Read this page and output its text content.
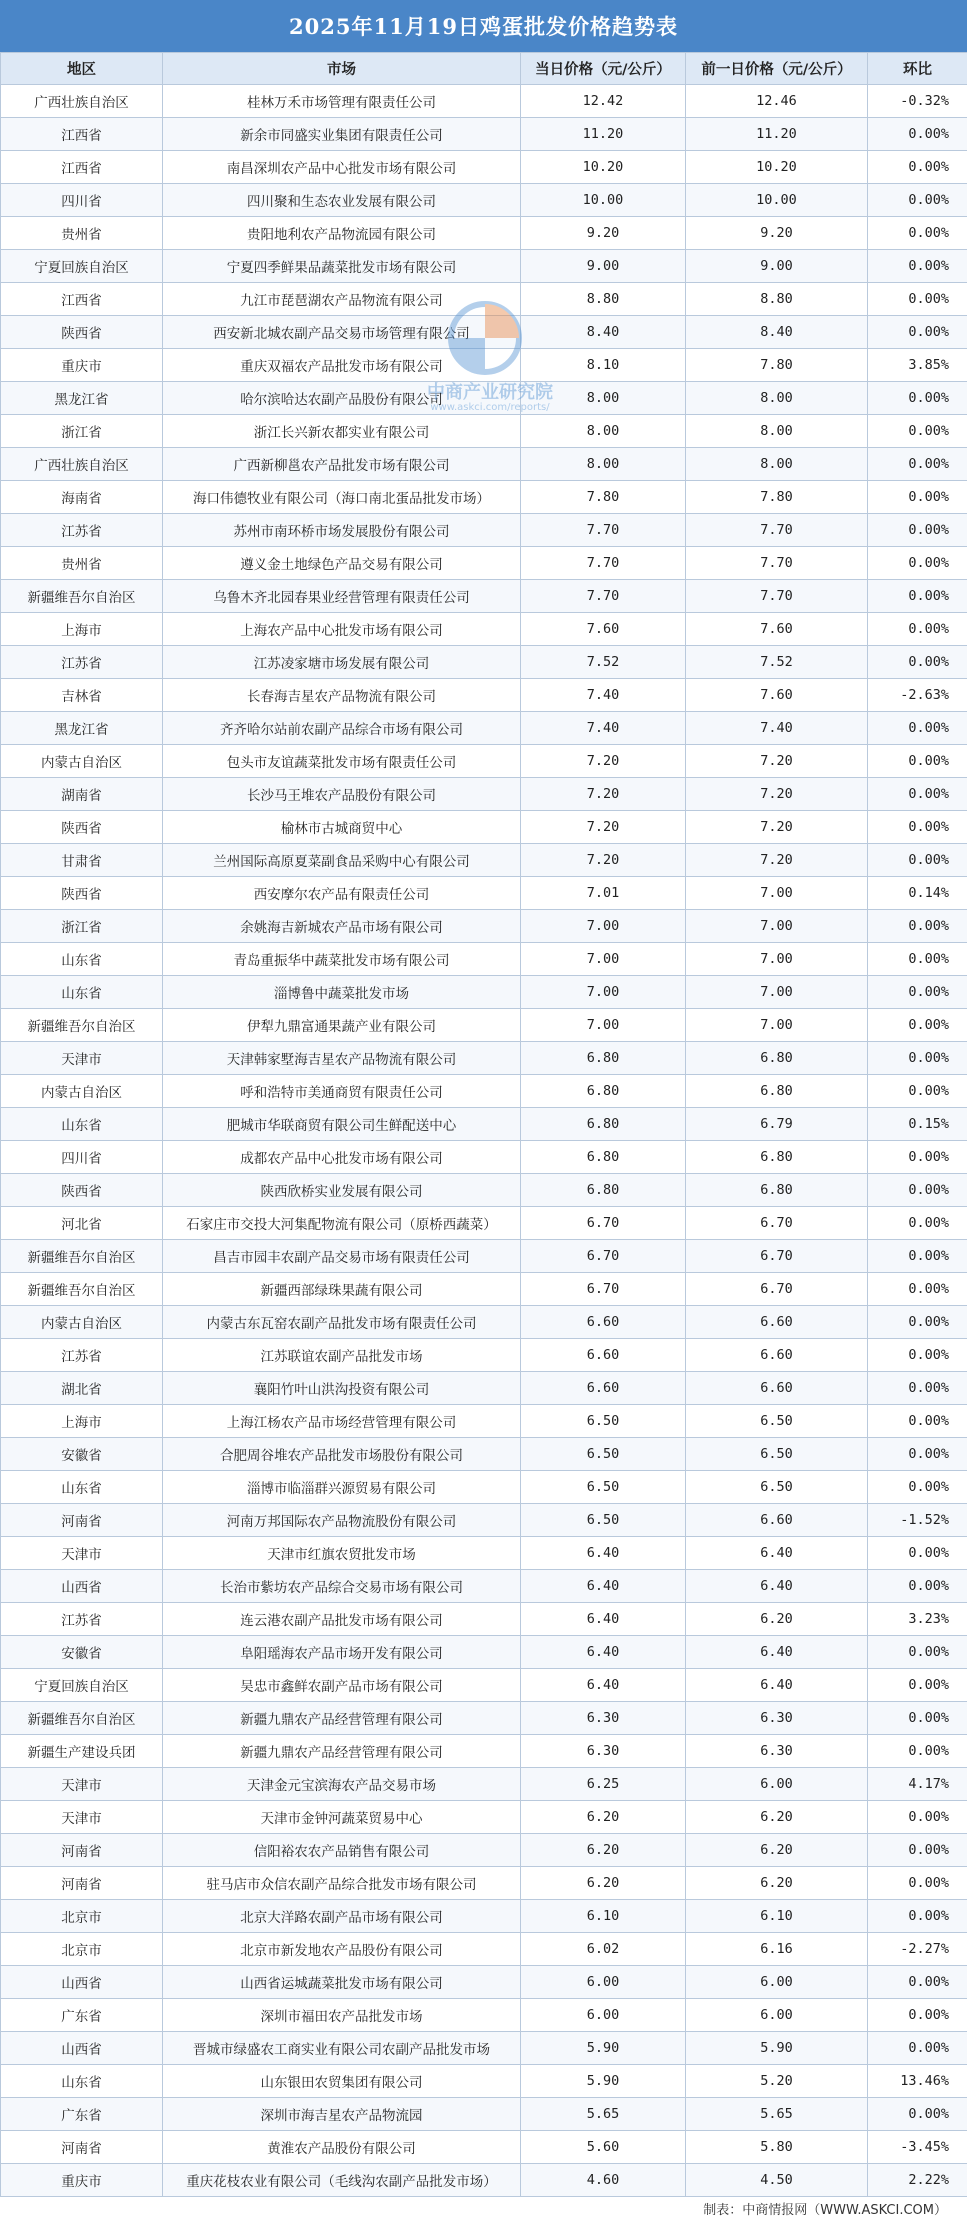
2025年11月19日鸡蛋批发价格趋势表
地区	市场	当日价格（元/公斤）	前一日价格（元/公斤）	环比
广西壮族自治区	桂林万禾市场管理有限责任公司	12.42	12.46	-0.32%
江西省	新余市同盛实业集团有限责任公司	11.20	11.20	0.00%
江西省	南昌深圳农产品中心批发市场有限公司	10.20	10.20	0.00%
四川省	四川聚和生态农业发展有限公司	10.00	10.00	0.00%
贵州省	贵阳地利农产品物流园有限公司	9.20	9.20	0.00%
宁夏回族自治区	宁夏四季鲜果品蔬菜批发市场有限公司	9.00	9.00	0.00%
江西省	九江市琵琶湖农产品物流有限公司	8.80	8.80	0.00%
陕西省	西安新北城农副产品交易市场管理有限公司	8.40	8.40	0.00%
重庆市	重庆双福农产品批发市场有限公司	8.10	7.80	3.85%
黑龙江省	哈尔滨哈达农副产品股份有限公司	8.00	8.00	0.00%
浙江省	浙江长兴新农都实业有限公司	8.00	8.00	0.00%
广西壮族自治区	广西新柳邕农产品批发市场有限公司	8.00	8.00	0.00%
海南省	海口伟德牧业有限公司（海口南北蛋品批发市场）	7.80	7.80	0.00%
江苏省	苏州市南环桥市场发展股份有限公司	7.70	7.70	0.00%
贵州省	遵义金土地绿色产品交易有限公司	7.70	7.70	0.00%
新疆维吾尔自治区	乌鲁木齐北园春果业经营管理有限责任公司	7.70	7.70	0.00%
上海市	上海农产品中心批发市场有限公司	7.60	7.60	0.00%
江苏省	江苏凌家塘市场发展有限公司	7.52	7.52	0.00%
吉林省	长春海吉星农产品物流有限公司	7.40	7.60	-2.63%
黑龙江省	齐齐哈尔站前农副产品综合市场有限公司	7.40	7.40	0.00%
内蒙古自治区	包头市友谊蔬菜批发市场有限责任公司	7.20	7.20	0.00%
湖南省	长沙马王堆农产品股份有限公司	7.20	7.20	0.00%
陕西省	榆林市古城商贸中心	7.20	7.20	0.00%
甘肃省	兰州国际高原夏菜副食品采购中心有限公司	7.20	7.20	0.00%
陕西省	西安摩尔农产品有限责任公司	7.01	7.00	0.14%
浙江省	余姚海吉新城农产品市场有限公司	7.00	7.00	0.00%
山东省	青岛重振华中蔬菜批发市场有限公司	7.00	7.00	0.00%
山东省	淄博鲁中蔬菜批发市场	7.00	7.00	0.00%
新疆维吾尔自治区	伊犁九鼎富通果蔬产业有限公司	7.00	7.00	0.00%
天津市	天津韩家墅海吉星农产品物流有限公司	6.80	6.80	0.00%
内蒙古自治区	呼和浩特市美通商贸有限责任公司	6.80	6.80	0.00%
山东省	肥城市华联商贸有限公司生鲜配送中心	6.80	6.79	0.15%
四川省	成都农产品中心批发市场有限公司	6.80	6.80	0.00%
陕西省	陕西欣桥实业发展有限公司	6.80	6.80	0.00%
河北省	石家庄市交投大河集配物流有限公司（原桥西蔬菜）	6.70	6.70	0.00%
新疆维吾尔自治区	昌吉市园丰农副产品交易市场有限责任公司	6.70	6.70	0.00%
新疆维吾尔自治区	新疆西部绿珠果蔬有限公司	6.70	6.70	0.00%
内蒙古自治区	内蒙古东瓦窑农副产品批发市场有限责任公司	6.60	6.60	0.00%
江苏省	江苏联谊农副产品批发市场	6.60	6.60	0.00%
湖北省	襄阳竹叶山洪沟投资有限公司	6.60	6.60	0.00%
上海市	上海江杨农产品市场经营管理有限公司	6.50	6.50	0.00%
安徽省	合肥周谷堆农产品批发市场股份有限公司	6.50	6.50	0.00%
山东省	淄博市临淄群兴源贸易有限公司	6.50	6.50	0.00%
河南省	河南万邦国际农产品物流股份有限公司	6.50	6.60	-1.52%
天津市	天津市红旗农贸批发市场	6.40	6.40	0.00%
山西省	长治市紫坊农产品综合交易市场有限公司	6.40	6.40	0.00%
江苏省	连云港农副产品批发市场有限公司	6.40	6.20	3.23%
安徽省	阜阳瑶海农产品市场开发有限公司	6.40	6.40	0.00%
宁夏回族自治区	吴忠市鑫鲜农副产品市场有限公司	6.40	6.40	0.00%
新疆维吾尔自治区	新疆九鼎农产品经营管理有限公司	6.30	6.30	0.00%
新疆生产建设兵团	新疆九鼎农产品经营管理有限公司	6.30	6.30	0.00%
天津市	天津金元宝滨海农产品交易市场	6.25	6.00	4.17%
天津市	天津市金钟河蔬菜贸易中心	6.20	6.20	0.00%
河南省	信阳裕农农产品销售有限公司	6.20	6.20	0.00%
河南省	驻马店市众信农副产品综合批发市场有限公司	6.20	6.20	0.00%
北京市	北京大洋路农副产品市场有限公司	6.10	6.10	0.00%
北京市	北京市新发地农产品股份有限公司	6.02	6.16	-2.27%
山西省	山西省运城蔬菜批发市场有限公司	6.00	6.00	0.00%
广东省	深圳市福田农产品批发市场	6.00	6.00	0.00%
山西省	晋城市绿盛农工商实业有限公司农副产品批发市场	5.90	5.90	0.00%
山东省	山东银田农贸集团有限公司	5.90	5.20	13.46%
广东省	深圳市海吉星农产品物流园	5.65	5.65	0.00%
河南省	黄淮农产品股份有限公司	5.60	5.80	-3.45%
重庆市	重庆花枝农业有限公司（毛线沟农副产品批发市场）	4.60	4.50	2.22%
中商产业研究院
www.askci.com/reports/
制表：中商情报网（WWW.ASKCI.COM）
